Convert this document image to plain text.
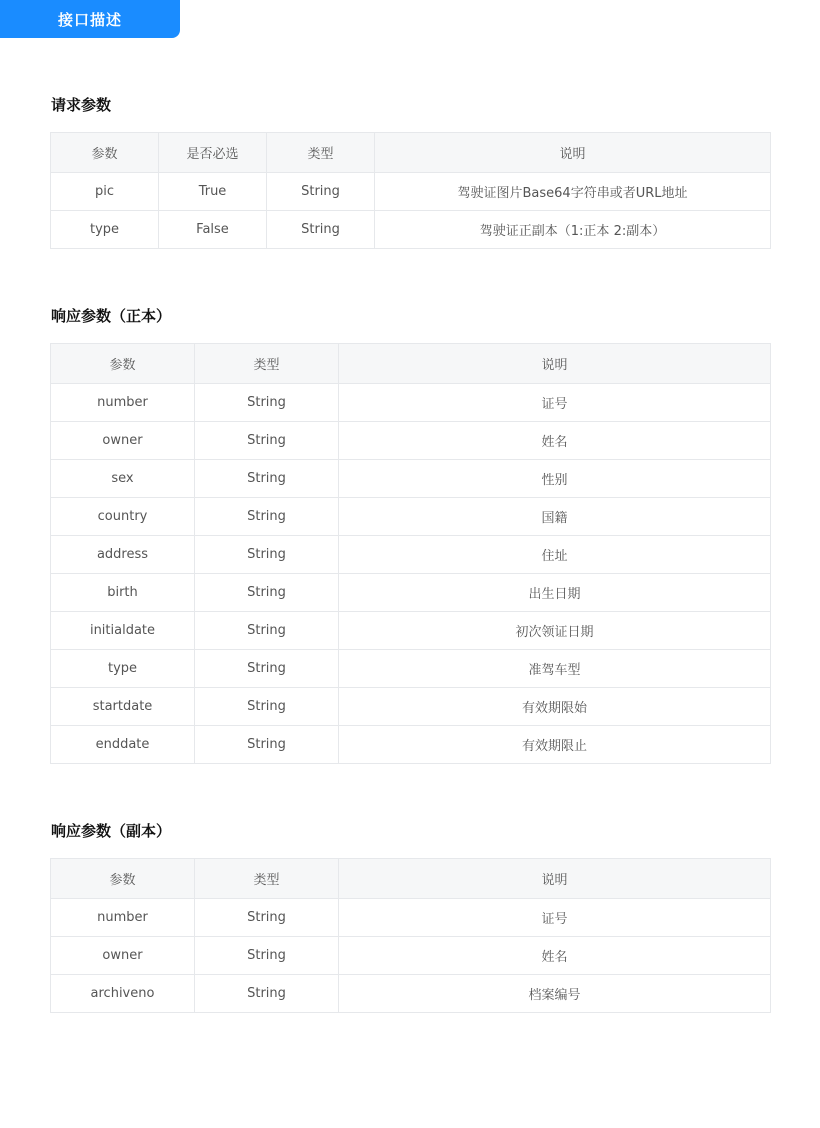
接口描述
请求参数
参数	是否必选	类型	说明
pic	True	String	驾驶证图片Base64字符串或者URL地址
type	False	String	驾驶证正副本（1:正本 2:副本）
响应参数（正本）
参数	类型	说明
number	String	证号
owner	String	姓名
sex	String	性别
country	String	国籍
address	String	住址
birth	String	出生日期
initialdate	String	初次领证日期
type	String	准驾车型
startdate	String	有效期限始
enddate	String	有效期限止
响应参数（副本）
参数	类型	说明
number	String	证号
owner	String	姓名
archiveno	String	档案编号
